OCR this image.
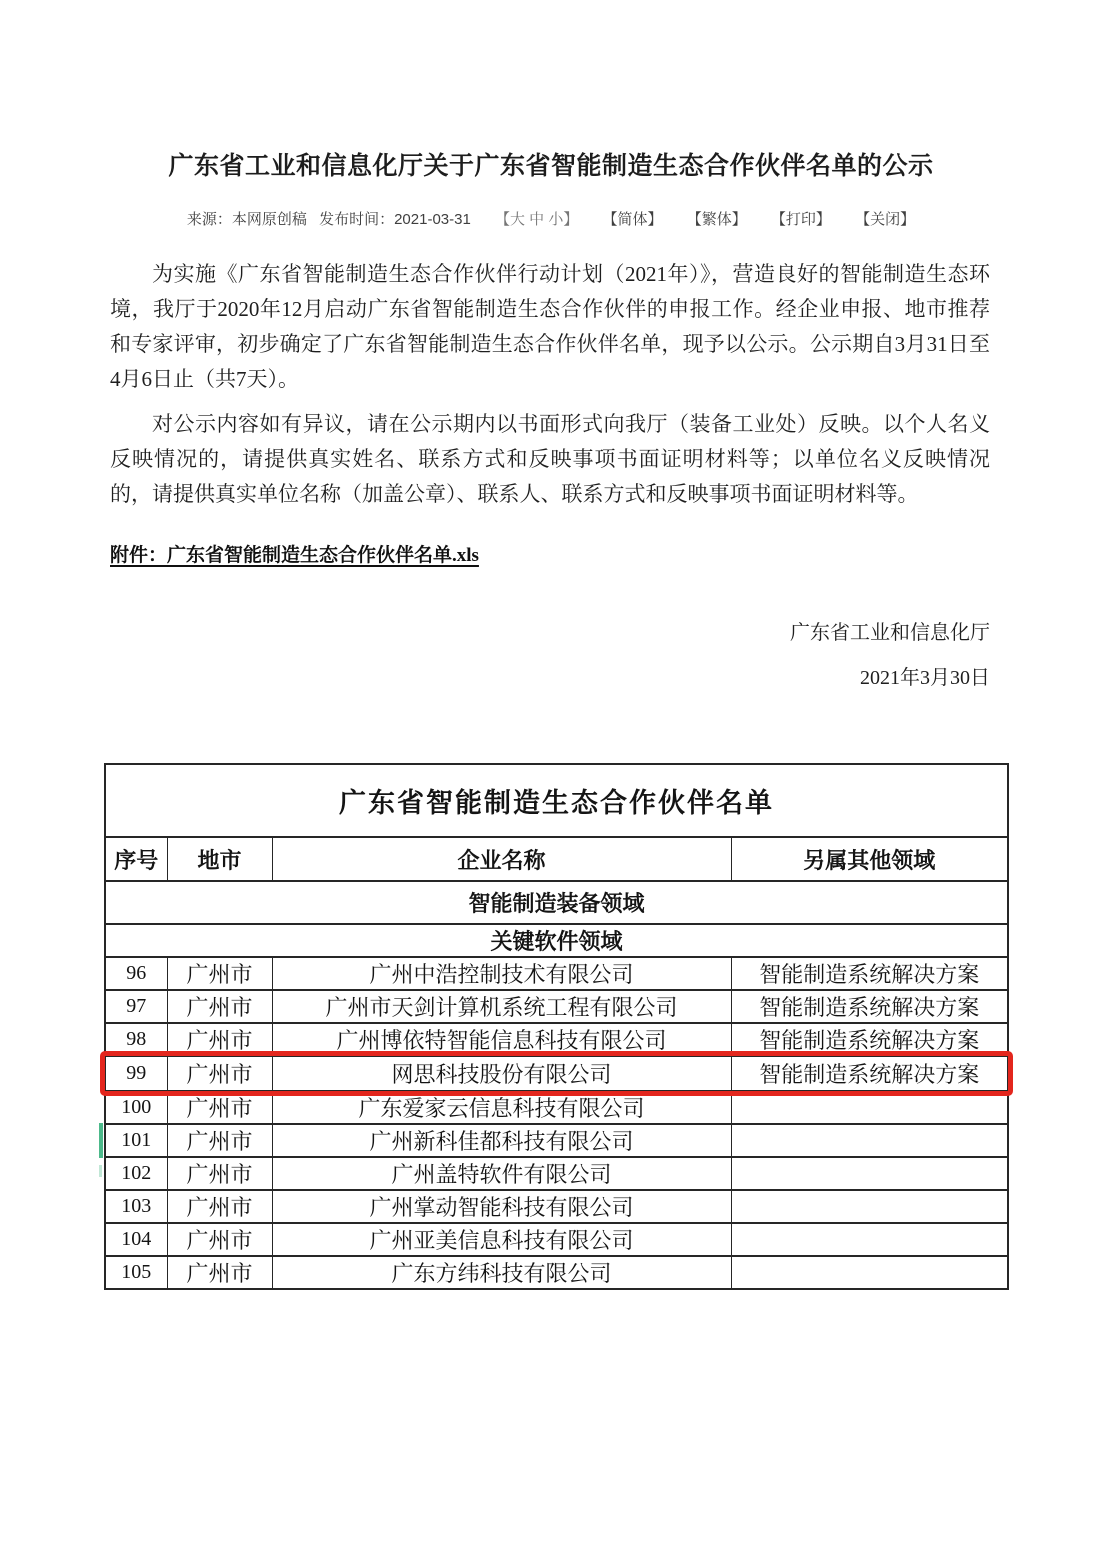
广东省工业和信息化厅关于广东省智能制造生态合作伙伴名单的公示
来源：本网原创稿 发布时间：2021-03-31 【大 中 小】 【简体】 【繁体】 【打印】 【关闭】

为实施《广东省智能制造生态合作伙伴行动计划（2021年）》，营造良好的智能制造生态环境，我厅于2020年12月启动广东省智能制造生态合作伙伴的申报工作。经企业申报、地市推荐和专家评审，初步确定了广东省智能制造生态合作伙伴名单，现予以公示。公示期自3月31日至4月6日止（共7天）。

对公示内容如有异议，请在公示期内以书面形式向我厅（装备工业处）反映。以个人名义反映情况的，请提供真实姓名、联系方式和反映事项书面证明材料等；以单位名义反映情况的，请提供真实单位名称（加盖公章）、联系人、联系方式和反映事项书面证明材料等。

附件：广东省智能制造生态合作伙伴名单.xls

广东省工业和信息化厅
2021年3月30日
广东省智能制造生态合作伙伴名单			
序号	地市	企业名称	另属其他领域
智能制造装备领域			
关键软件领域			
96	广州市	广州中浩控制技术有限公司	智能制造系统解决方案
97	广州市	广州市天剑计算机系统工程有限公司	智能制造系统解决方案
98	广州市	广州博依特智能信息科技有限公司	智能制造系统解决方案
99	广州市	网思科技股份有限公司	智能制造系统解决方案
100	广州市	广东爱家云信息科技有限公司	
101	广州市	广州新科佳都科技有限公司	
102	广州市	广州盖特软件有限公司	
103	广州市	广州掌动智能科技有限公司	
104	广州市	广州亚美信息科技有限公司	
105	广州市	广东方纬科技有限公司	
